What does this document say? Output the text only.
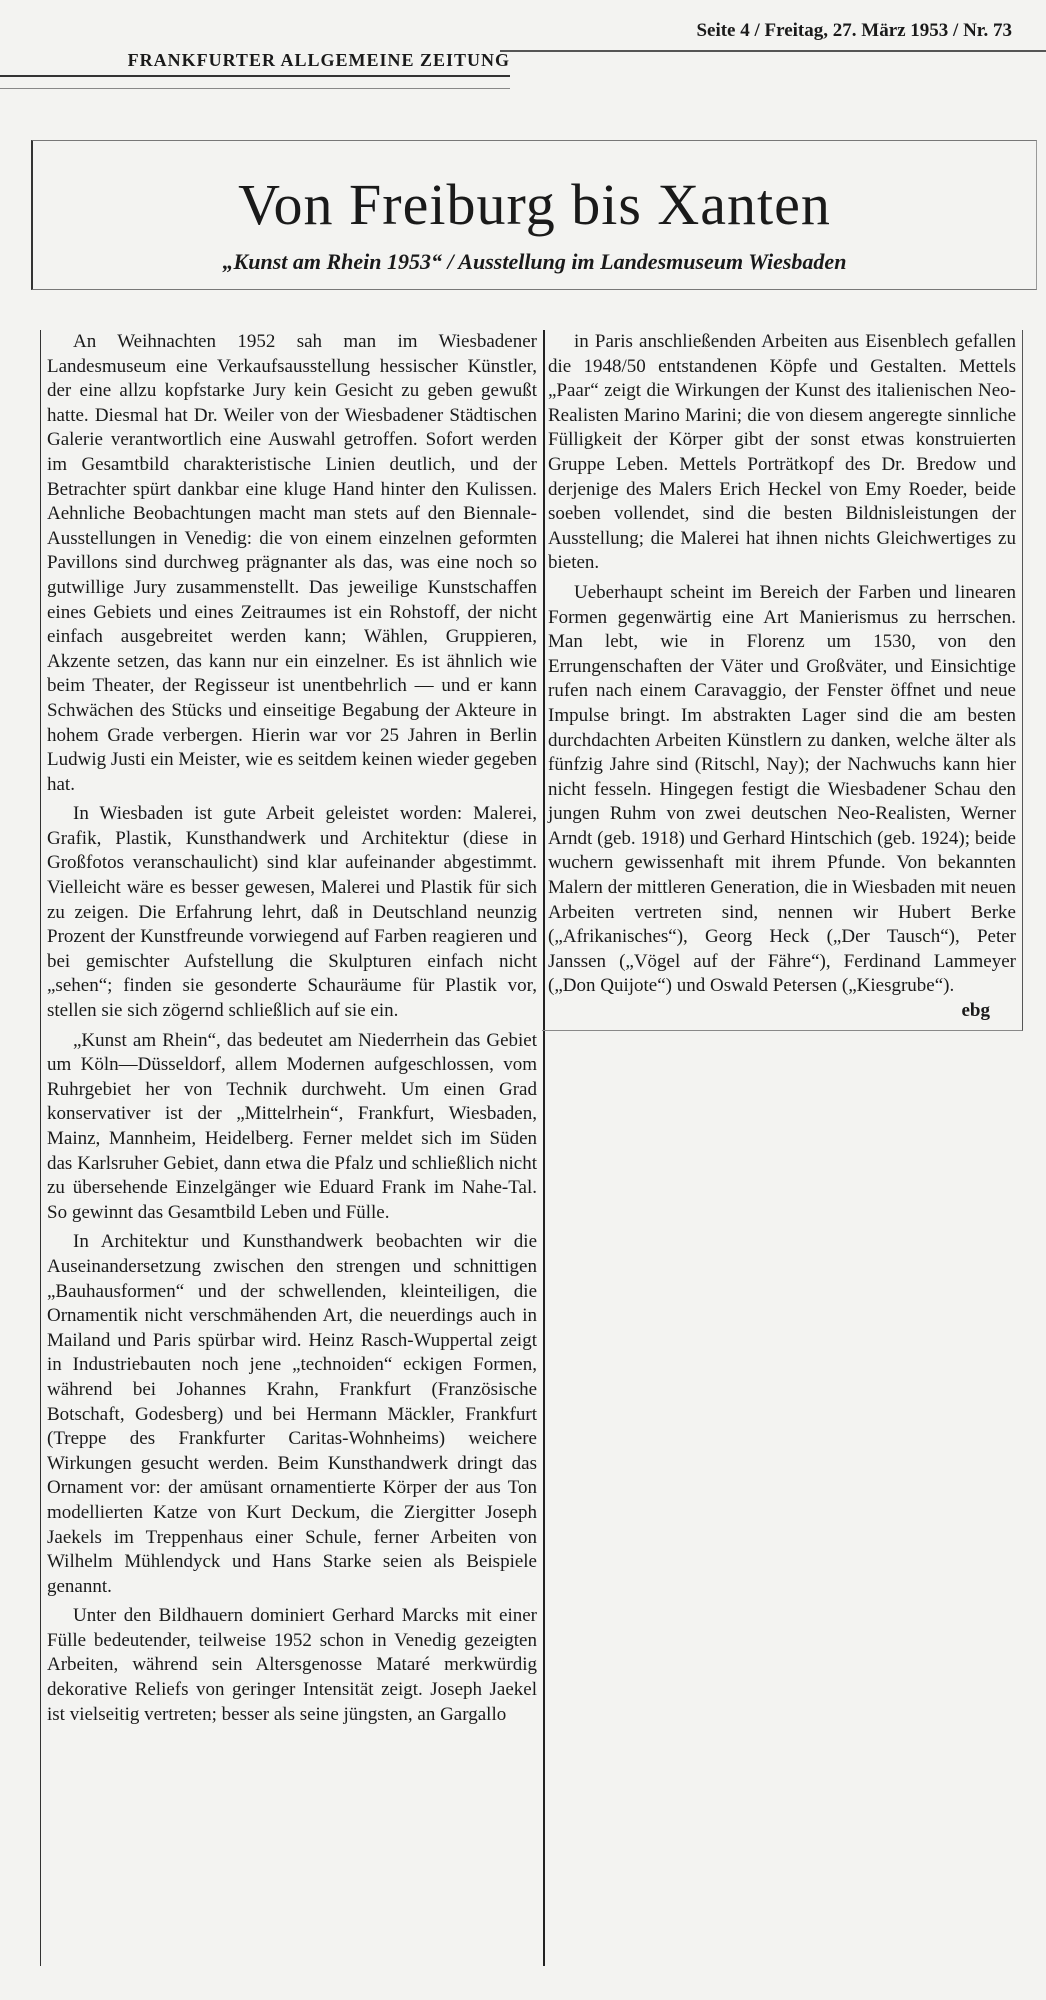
Seite 4 / Freitag, 27. März 1953 / Nr. 73
FRANKFURTER ALLGEMEINE ZEITUNG
Von Freiburg bis Xanten
„Kunst am Rhein 1953“ / Ausstellung im Landesmuseum Wiesbaden

An Weihnachten 1952 sah man im Wiesbadener Landesmuseum eine Verkaufsausstellung hessischer Künstler, der eine allzu kopfstarke Jury kein Gesicht zu geben gewußt hatte. Diesmal hat Dr. Weiler von der Wiesbadener Städtischen Galerie verantwortlich eine Auswahl getroffen. Sofort werden im Gesamtbild charakteristische Linien deutlich, und der Betrachter spürt dankbar eine kluge Hand hinter den Kulissen. Aehnliche Beobachtungen macht man stets auf den Biennale-Ausstellungen in Venedig: die von einem einzelnen geformten Pavillons sind durchweg prägnanter als das, was eine noch so gutwillige Jury zusammenstellt. Das jeweilige Kunstschaffen eines Gebiets und eines Zeitraumes ist ein Rohstoff, der nicht einfach ausgebreitet werden kann; Wählen, Gruppieren, Akzente setzen, das kann nur ein einzelner. Es ist ähnlich wie beim Theater, der Regisseur ist unentbehrlich — und er kann Schwächen des Stücks und einseitige Begabung der Akteure in hohem Grade verbergen. Hierin war vor 25 Jahren in Berlin Ludwig Justi ein Meister, wie es seitdem keinen wieder gegeben hat.

In Wiesbaden ist gute Arbeit geleistet worden: Malerei, Grafik, Plastik, Kunsthandwerk und Architektur (diese in Großfotos veranschaulicht) sind klar aufeinander abgestimmt. Vielleicht wäre es besser gewesen, Malerei und Plastik für sich zu zeigen. Die Erfahrung lehrt, daß in Deutschland neunzig Prozent der Kunstfreunde vorwiegend auf Farben reagieren und bei gemischter Aufstellung die Skulpturen einfach nicht „sehen“; finden sie gesonderte Schauräume für Plastik vor, stellen sie sich zögernd schließlich auf sie ein.

„Kunst am Rhein“, das bedeutet am Niederrhein das Gebiet um Köln—Düsseldorf, allem Modernen aufgeschlossen, vom Ruhrgebiet her von Technik durchweht. Um einen Grad konservativer ist der „Mittelrhein“, Frankfurt, Wiesbaden, Mainz, Mannheim, Heidelberg. Ferner meldet sich im Süden das Karlsruher Gebiet, dann etwa die Pfalz und schließlich nicht zu übersehende Einzelgänger wie Eduard Frank im Nahe-Tal. So gewinnt das Gesamtbild Leben und Fülle.

In Architektur und Kunsthandwerk beobachten wir die Auseinandersetzung zwischen den strengen und schnittigen „Bauhausformen“ und der schwellenden, kleinteiligen, die Ornamentik nicht verschmähenden Art, die neuerdings auch in Mailand und Paris spürbar wird. Heinz Rasch-Wuppertal zeigt in Industriebauten noch jene „technoiden“ eckigen Formen, während bei Johannes Krahn, Frankfurt (Französische Botschaft, Godesberg) und bei Hermann Mäckler, Frankfurt (Treppe des Frankfurter Caritas-Wohnheims) weichere Wirkungen gesucht werden. Beim Kunsthandwerk dringt das Ornament vor: der amüsant ornamentierte Körper der aus Ton modellierten Katze von Kurt Deckum, die Ziergitter Joseph Jaekels im Treppenhaus einer Schule, ferner Arbeiten von Wilhelm Mühlendyck und Hans Starke seien als Beispiele genannt.

Unter den Bildhauern dominiert Gerhard Marcks mit einer Fülle bedeutender, teilweise 1952 schon in Venedig gezeigten Arbeiten, während sein Altersgenosse Mataré merkwürdig dekorative Reliefs von geringer Intensität zeigt. Joseph Jaekel ist vielseitig vertreten; besser als seine jüngsten, an Gargallo

in Paris anschließenden Arbeiten aus Eisenblech gefallen die 1948/50 entstandenen Köpfe und Gestalten. Mettels „Paar“ zeigt die Wirkungen der Kunst des italienischen Neo-Realisten Marino Marini; die von diesem angeregte sinnliche Fülligkeit der Körper gibt der sonst etwas konstruierten Gruppe Leben. Mettels Porträtkopf des Dr. Bredow und derjenige des Malers Erich Heckel von Emy Roeder, beide soeben vollendet, sind die besten Bildnisleistungen der Ausstellung; die Malerei hat ihnen nichts Gleichwertiges zu bieten.

Ueberhaupt scheint im Bereich der Farben und linearen Formen gegenwärtig eine Art Manierismus zu herrschen. Man lebt, wie in Florenz um 1530, von den Errungenschaften der Väter und Großväter, und Einsichtige rufen nach einem Caravaggio, der Fenster öffnet und neue Impulse bringt. Im abstrakten Lager sind die am besten durchdachten Arbeiten Künstlern zu danken, welche älter als fünfzig Jahre sind (Ritschl, Nay); der Nachwuchs kann hier nicht fesseln. Hingegen festigt die Wiesbadener Schau den jungen Ruhm von zwei deutschen Neo-Realisten, Werner Arndt (geb. 1918) und Gerhard Hintschich (geb. 1924); beide wuchern gewissenhaft mit ihrem Pfunde. Von bekannten Malern der mittleren Generation, die in Wiesbaden mit neuen Arbeiten vertreten sind, nennen wir Hubert Berke („Afrikanisches“), Georg Heck („Der Tausch“), Peter Janssen („Vögel auf der Fähre“), Ferdinand Lammeyer („Don Quijote“) und Oswald Petersen („Kiesgrube“).
ebg
